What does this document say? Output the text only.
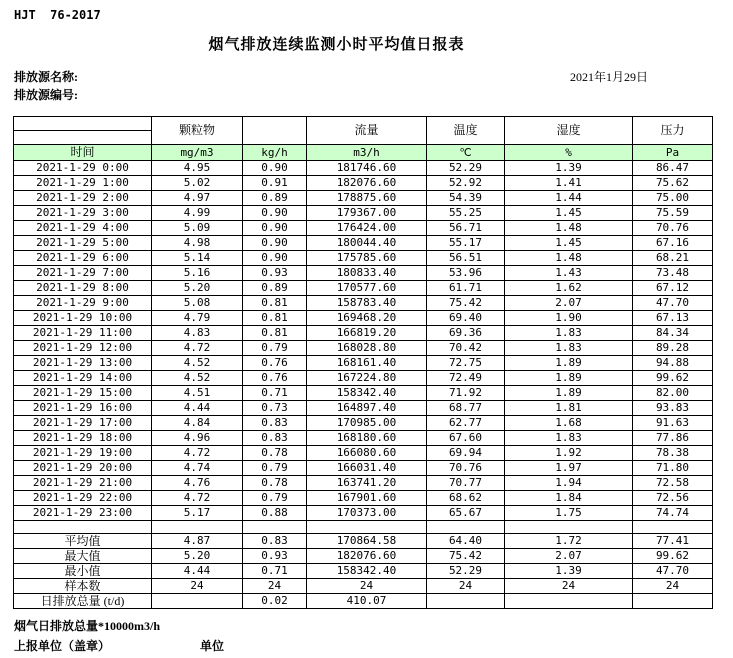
HJT  76-2017
烟气排放连续监测小时平均值日报表
排放源名称:
排放源编号:
2021年1月29日
	颗粒物		流量	温度	湿度	压力

时间	mg/m3	kg/h	m3/h	℃	%	Pa
2021-1-29 0:00	4.95	0.90	181746.60	52.29	1.39	86.47
2021-1-29 1:00	5.02	0.91	182076.60	52.92	1.41	75.62
2021-1-29 2:00	4.97	0.89	178875.60	54.39	1.44	75.00
2021-1-29 3:00	4.99	0.90	179367.00	55.25	1.45	75.59
2021-1-29 4:00	5.09	0.90	176424.00	56.71	1.48	70.76
2021-1-29 5:00	4.98	0.90	180044.40	55.17	1.45	67.16
2021-1-29 6:00	5.14	0.90	175785.60	56.51	1.48	68.21
2021-1-29 7:00	5.16	0.93	180833.40	53.96	1.43	73.48
2021-1-29 8:00	5.20	0.89	170577.60	61.71	1.62	67.12
2021-1-29 9:00	5.08	0.81	158783.40	75.42	2.07	47.70
2021-1-29 10:00	4.79	0.81	169468.20	69.40	1.90	67.13
2021-1-29 11:00	4.83	0.81	166819.20	69.36	1.83	84.34
2021-1-29 12:00	4.72	0.79	168028.80	70.42	1.83	89.28
2021-1-29 13:00	4.52	0.76	168161.40	72.75	1.89	94.88
2021-1-29 14:00	4.52	0.76	167224.80	72.49	1.89	99.62
2021-1-29 15:00	4.51	0.71	158342.40	71.92	1.89	82.00
2021-1-29 16:00	4.44	0.73	164897.40	68.77	1.81	93.83
2021-1-29 17:00	4.84	0.83	170985.00	62.77	1.68	91.63
2021-1-29 18:00	4.96	0.83	168180.60	67.60	1.83	77.86
2021-1-29 19:00	4.72	0.78	166080.60	69.94	1.92	78.38
2021-1-29 20:00	4.74	0.79	166031.40	70.76	1.97	71.80
2021-1-29 21:00	4.76	0.78	163741.20	70.77	1.94	72.58
2021-1-29 22:00	4.72	0.79	167901.60	68.62	1.84	72.56
2021-1-29 23:00	5.17	0.88	170373.00	65.67	1.75	74.74

平均值	4.87	0.83	170864.58	64.40	1.72	77.41
最大值	5.20	0.93	182076.60	75.42	2.07	99.62
最小值	4.44	0.71	158342.40	52.29	1.39	47.70
样本数	24	24	24	24	24	24
日排放总量 (t/d)		0.02	410.07			
烟气日排放总量*10000m3/h
上报单位（盖章）	单位
